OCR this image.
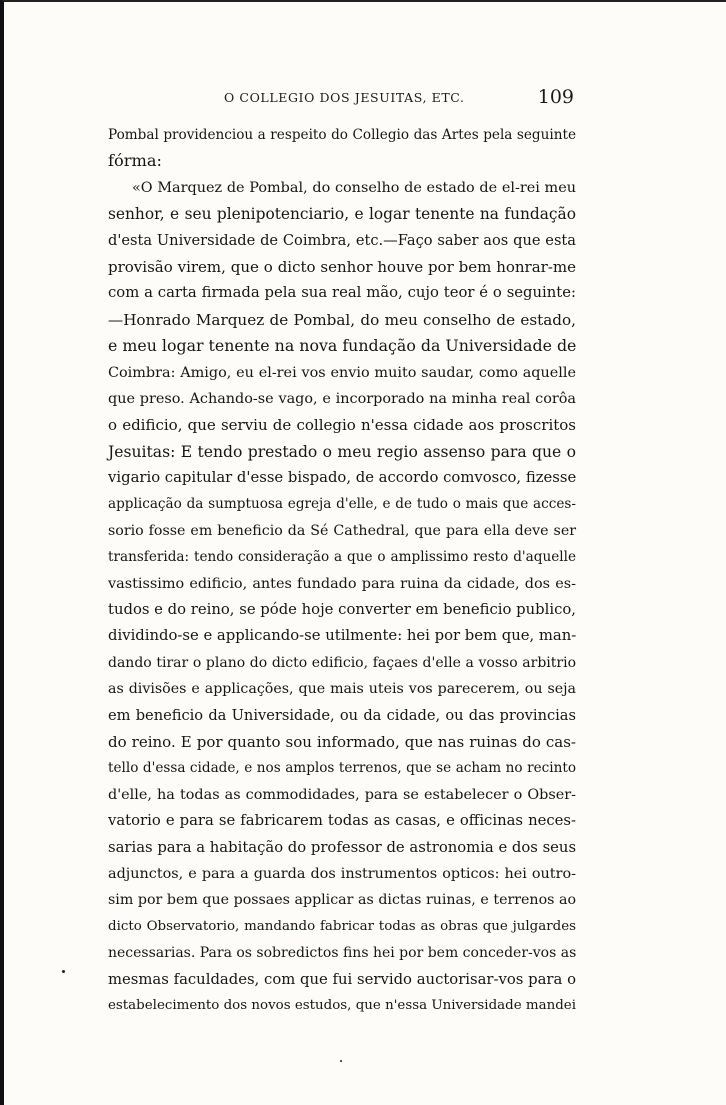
O COLLEGIO DOS JESUITAS, ETC.	109
Pombal providenciou a respeito do Collegio das Artes pela seguinte
fórma:
«O Marquez de Pombal, do conselho de estado de el-rei meu
senhor, e seu plenipotenciario, e logar tenente na fundação
d'esta Universidade de Coimbra, etc.—Faço saber aos que esta
provisão virem, que o dicto senhor houve por bem honrar-me
com a carta firmada pela sua real mão, cujo teor é o seguinte:
—Honrado Marquez de Pombal, do meu conselho de estado,
e meu logar tenente na nova fundação da Universidade de
Coimbra: Amigo, eu el-rei vos envio muito saudar, como aquelle
que preso. Achando-se vago, e incorporado na minha real corôa
o edificio, que serviu de collegio n'essa cidade aos proscritos
Jesuitas: E tendo prestado o meu regio assenso para que o
vigario capitular d'esse bispado, de accordo comvosco, fizesse
applicação da sumptuosa egreja d'elle, e de tudo o mais que acces-
sorio fosse em beneficio da Sé Cathedral, que para ella deve ser
transferida: tendo consideração a que o amplissimo resto d'aquelle
vastissimo edificio, antes fundado para ruina da cidade, dos es-
tudos e do reino, se póde hoje converter em beneficio publico,
dividindo-se e applicando-se utilmente: hei por bem que, man-
dando tirar o plano do dicto edificio, façaes d'elle a vosso arbitrio
as divisões e applicações, que mais uteis vos parecerem, ou seja
em beneficio da Universidade, ou da cidade, ou das provincias
do reino. E por quanto sou informado, que nas ruinas do cas-
tello d'essa cidade, e nos amplos terrenos, que se acham no recinto
d'elle, ha todas as commodidades, para se estabelecer o Obser-
vatorio e para se fabricarem todas as casas, e officinas neces-
sarias para a habitação do professor de astronomia e dos seus
adjunctos, e para a guarda dos instrumentos opticos: hei outro-
sim por bem que possaes applicar as dictas ruinas, e terrenos ao
dicto Observatorio, mandando fabricar todas as obras que julgardes
necessarias. Para os sobredictos fins hei por bem conceder-vos as
mesmas faculdades, com que fui servido auctorisar-vos para o
estabelecimento dos novos estudos, que n'essa Universidade mandei
